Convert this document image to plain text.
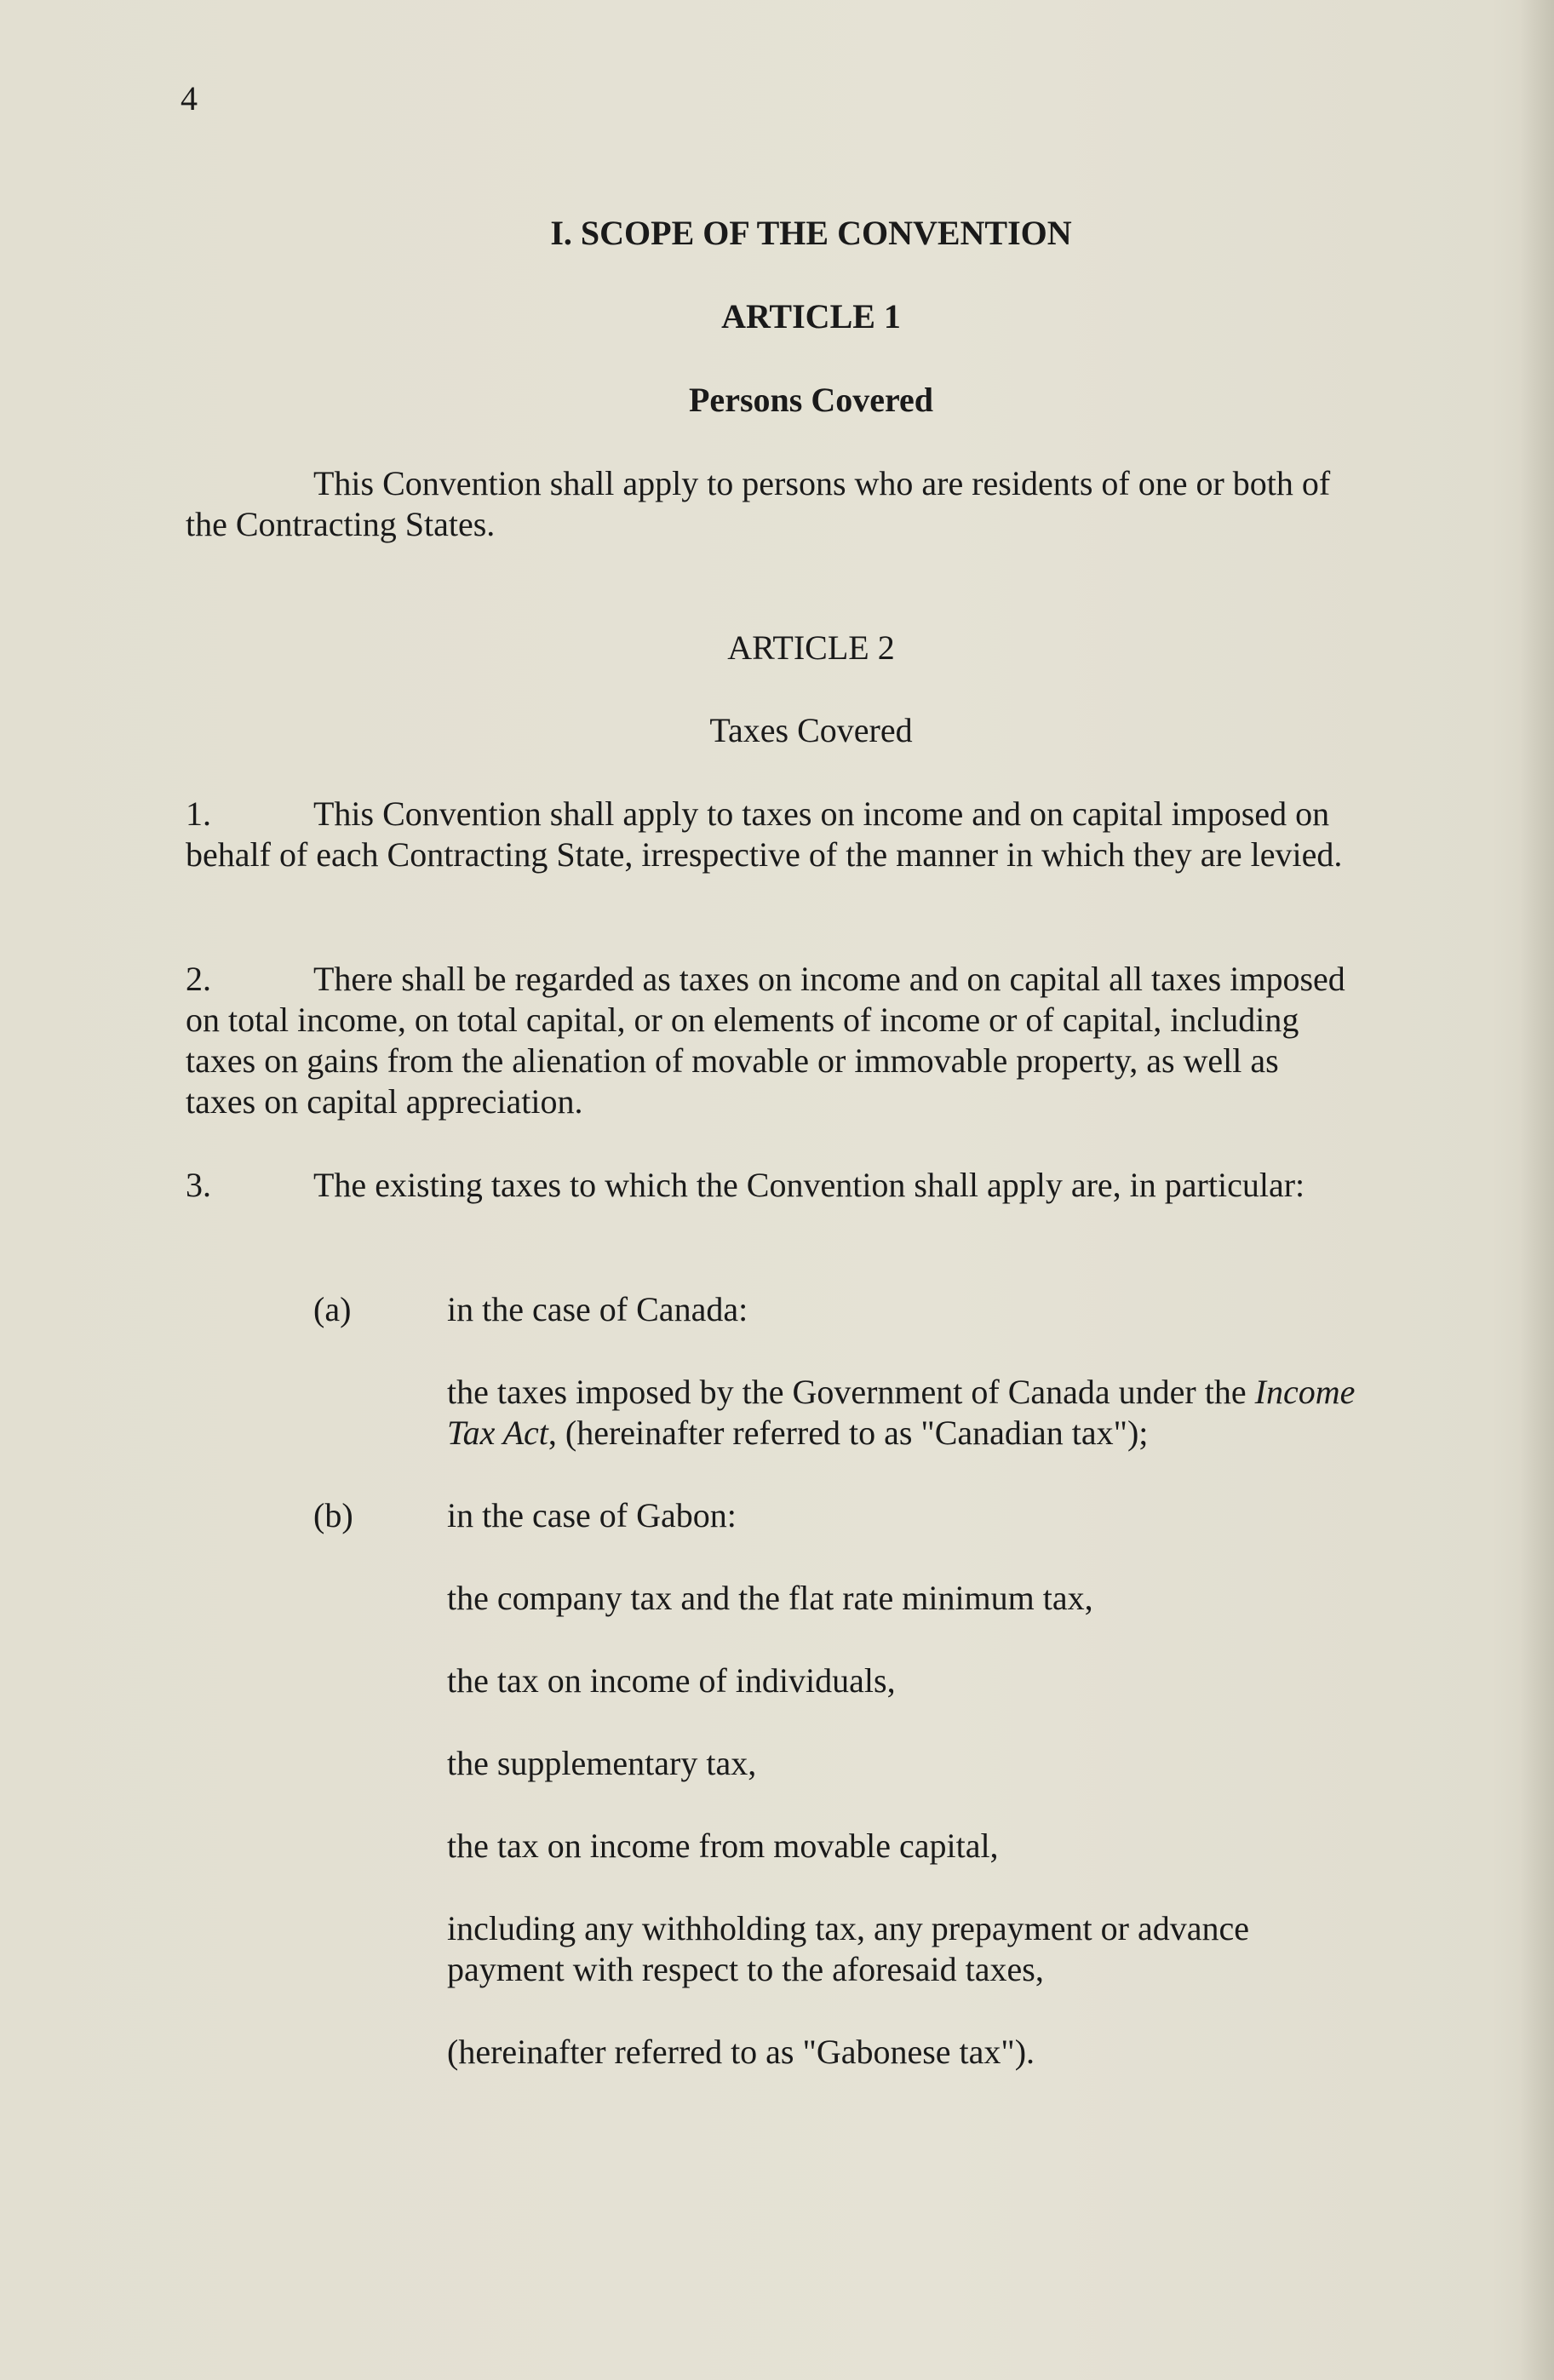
4
I. SCOPE OF THE CONVENTION
ARTICLE 1
Persons Covered
This Convention shall apply to persons who are residents of one or both of the Contracting States.
ARTICLE 2
Taxes Covered
1.	This Convention shall apply to taxes on income and on capital imposed on behalf of each Contracting State, irrespective of the manner in which they are levied.
2.	There shall be regarded as taxes on income and on capital all taxes imposed on total income, on total capital, or on elements of income or of capital, including taxes on gains from the alienation of movable or immovable property, as well as taxes on capital appreciation.
3.	The existing taxes to which the Convention shall apply are, in particular:
(a)	in the case of Canada:
the taxes imposed by the Government of Canada under the Income Tax Act, (hereinafter referred to as "Canadian tax");
(b)	in the case of Gabon:
the company tax and the flat rate minimum tax,
the tax on income of individuals,
the supplementary tax,
the tax on income from movable capital,
including any withholding tax, any prepayment or advance payment with respect to the aforesaid taxes,
(hereinafter referred to as "Gabonese tax").
